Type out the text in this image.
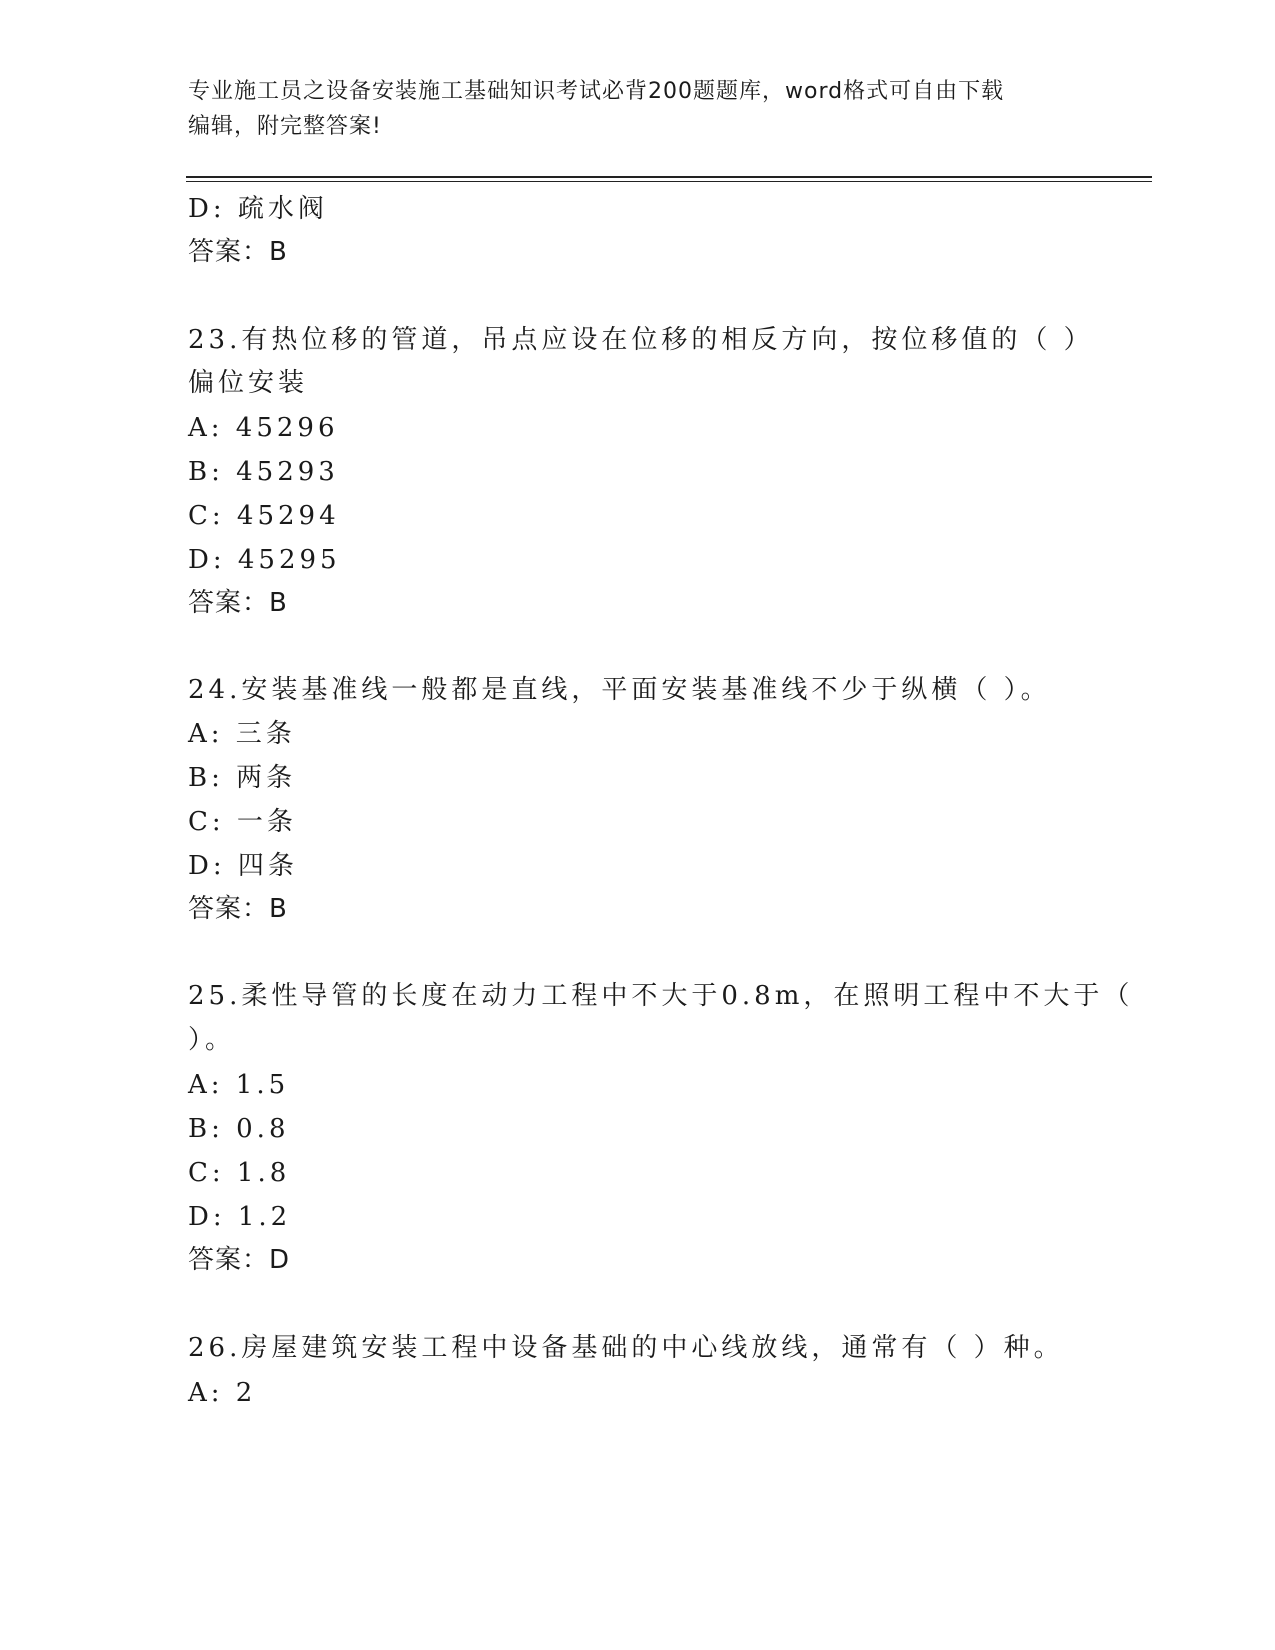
专业施工员之设备安装施工基础知识考试必背200题题库，word格式可自由下载
编辑，附完整答案!
D: 疏水阀
答案：B
23.有热位移的管道，吊点应设在位移的相反方向，按位移值的（ ）
偏位安装
A: 45296
B: 45293
C: 45294
D: 45295
答案：B
24.安装基准线一般都是直线，平面安装基准线不少于纵横（ ）。
A: 三条
B: 两条
C: 一条
D: 四条
答案：B
25.柔性导管的长度在动力工程中不大于0.8m，在照明工程中不大于（
）。
A: 1.5
B: 0.8
C: 1.8
D: 1.2
答案：D
26.房屋建筑安装工程中设备基础的中心线放线，通常有（ ）种。
A: 2
